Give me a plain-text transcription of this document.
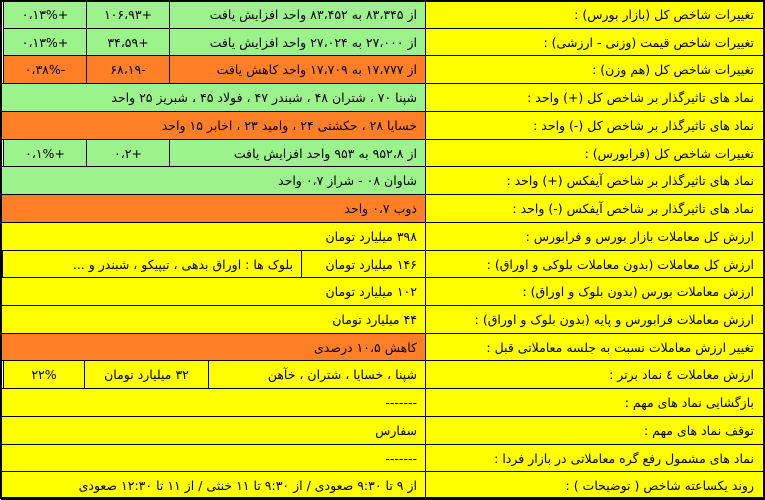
تغییرات شاخص کل (بازار بورس) :
از ۸۳،۳۴۵ به ۸۳،۴۵۲ واحد افزایش یافت
+۱۰۶،۹۳
+۰،۱۳%
تغییرات شاخص قیمت (وزنی - ارزشی) :
از ۲۷،۰۰۰ به ۲۷،۰۲۴ واحد افزایش یافت
+۳۴،۵۹
+۰،۱۳%
تغییرات شاخص کل (هم وزن) :
از ۱۷،۷۷۷ به ۱۷،۷۰۹ واحد کاهش یافت
-۶۸،۱۹
-۰،۳۸%
نماد های تاثیرگذار بر شاخص کل (+) واحد :
شپنا ۷۰ ، شتران ۴۸ ، شبندر ۴۷ ، فولاد ۴۵ ، شبریز ۲۵ واحد
نماد های تاثیرگذار بر شاخص کل (-) واحد :
خسایا ۲۸ ، حکشتی ۲۴ ، وامید ۲۳ ، اخابر ۱۵ واحد
تغییرات شاخص کل (فرابورس) :
از ۹۵۲،۸ به ۹۵۳ واحد افزایش یافت
+۰،۲
+۰،۱%
نماد های تاثیرگذار بر شاخص آیفکس (+) واحد :
شاوان ۰۸ - شراز ۰،۷ واحد
نماد های تاثیرگذار بر شاخص آیفکس (-) واحد :
ذوب ۰،۷ واحد
ارزش کل معاملات بازار بورس و فرابورس :
۳۹۸ میلیارد تومان
ارزش کل معاملات (بدون معاملات بلوکی و اوراق) :
۱۴۶ میلیارد تومان
بلوک ها : اوراق بدهی ، تیپیکو ، شبندر و ...
ارزش معاملات بورس (بدون بلوک و اوراق) :
۱۰۲ میلیارد تومان
ارزش معاملات فرابورس و پایه (بدون بلوک و اوراق) :
۴۴ میلیارد تومان
تغییر ارزش معاملات نسبت به جلسه معاملاتی قبل :
کاهش ۱۰،۵ درصدی
ارزش معاملات ٤ نماد برتر :
شپنا ، خسایا ، شتران ، خآهن
۳۲ میلیارد تومان
۲۲%
بازگشایی نماد های مهم :
-------
توقف نماد های مهم :
سفارس
نماد های مشمول رفع گره معاملاتی در بازار فردا :
-------
روند یکساعته شاخص ( توضیحات ) :
از ۹ تا ۹:۳۰ صعودی / از ۹:۳۰ تا ۱۱ خنثی / از ۱۱ تا ۱۲:۳۰ صعودی
